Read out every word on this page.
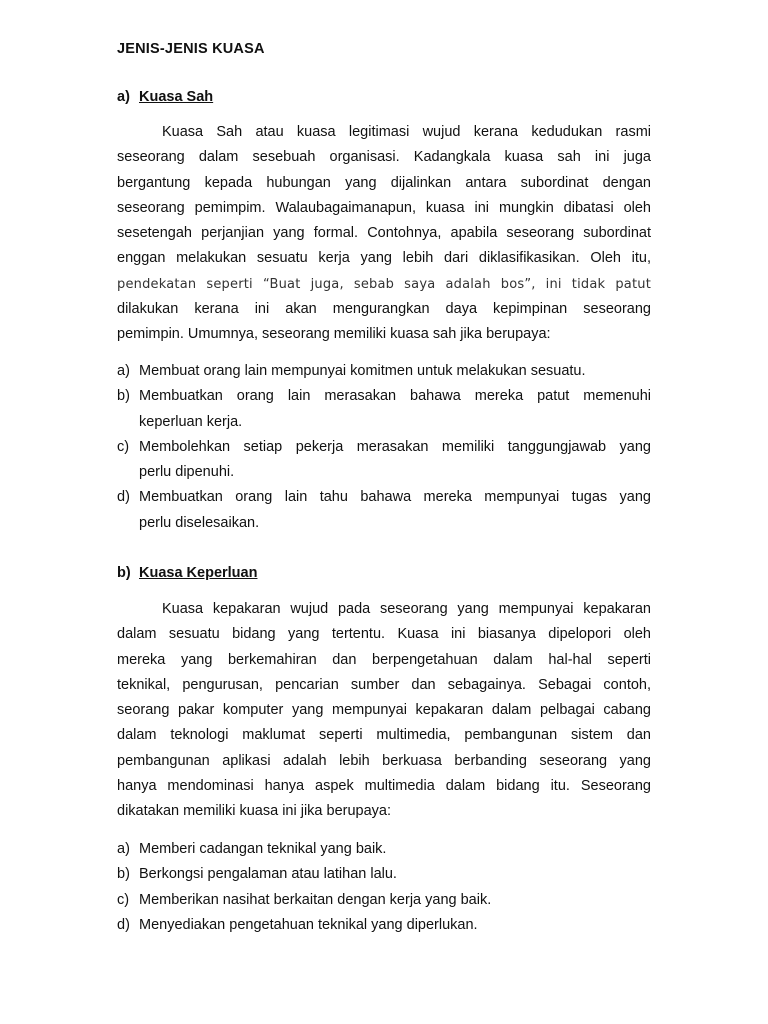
JENIS-JENIS KUASA
a) Kuasa Sah
Kuasa Sah atau kuasa legitimasi wujud kerana kedudukan rasmi
seseorang dalam sesebuah organisasi. Kadangkala kuasa sah ini juga
bergantung kepada hubungan yang dijalinkan antara subordinat dengan
seseorang pemimpim. Walaubagaimanapun, kuasa ini mungkin dibatasi oleh
sesetengah perjanjian yang formal. Contohnya, apabila seseorang subordinat
enggan melakukan sesuatu kerja yang lebih dari diklasifikasikan. Oleh itu,
pendekatan seperti “Buat juga, sebab saya adalah bos”, ini tidak patut
dilakukan kerana ini akan mengurangkan daya kepimpinan seseorang
pemimpin. Umumnya, seseorang memiliki kuasa sah jika berupaya:
a) Membuat orang lain mempunyai komitmen untuk melakukan sesuatu.
b) Membuatkan orang lain merasakan bahawa mereka patut memenuhi
keperluan kerja.
c) Membolehkan setiap pekerja merasakan memiliki tanggungjawab yang
perlu dipenuhi.
d) Membuatkan orang lain tahu bahawa mereka mempunyai tugas yang
perlu diselesaikan.
b) Kuasa Keperluan
Kuasa kepakaran wujud pada seseorang yang mempunyai kepakaran
dalam sesuatu bidang yang tertentu. Kuasa ini biasanya dipelopori oleh
mereka yang berkemahiran dan berpengetahuan dalam hal-hal seperti
teknikal, pengurusan, pencarian sumber dan sebagainya. Sebagai contoh,
seorang pakar komputer yang mempunyai kepakaran dalam pelbagai cabang
dalam teknologi maklumat seperti multimedia, pembangunan sistem dan
pembangunan aplikasi adalah lebih berkuasa berbanding seseorang yang
hanya mendominasi hanya aspek multimedia dalam bidang itu. Seseorang
dikatakan memiliki kuasa ini jika berupaya:
a) Memberi cadangan teknikal yang baik.
b) Berkongsi pengalaman atau latihan lalu.
c) Memberikan nasihat berkaitan dengan kerja yang baik.
d) Menyediakan pengetahuan teknikal yang diperlukan.
